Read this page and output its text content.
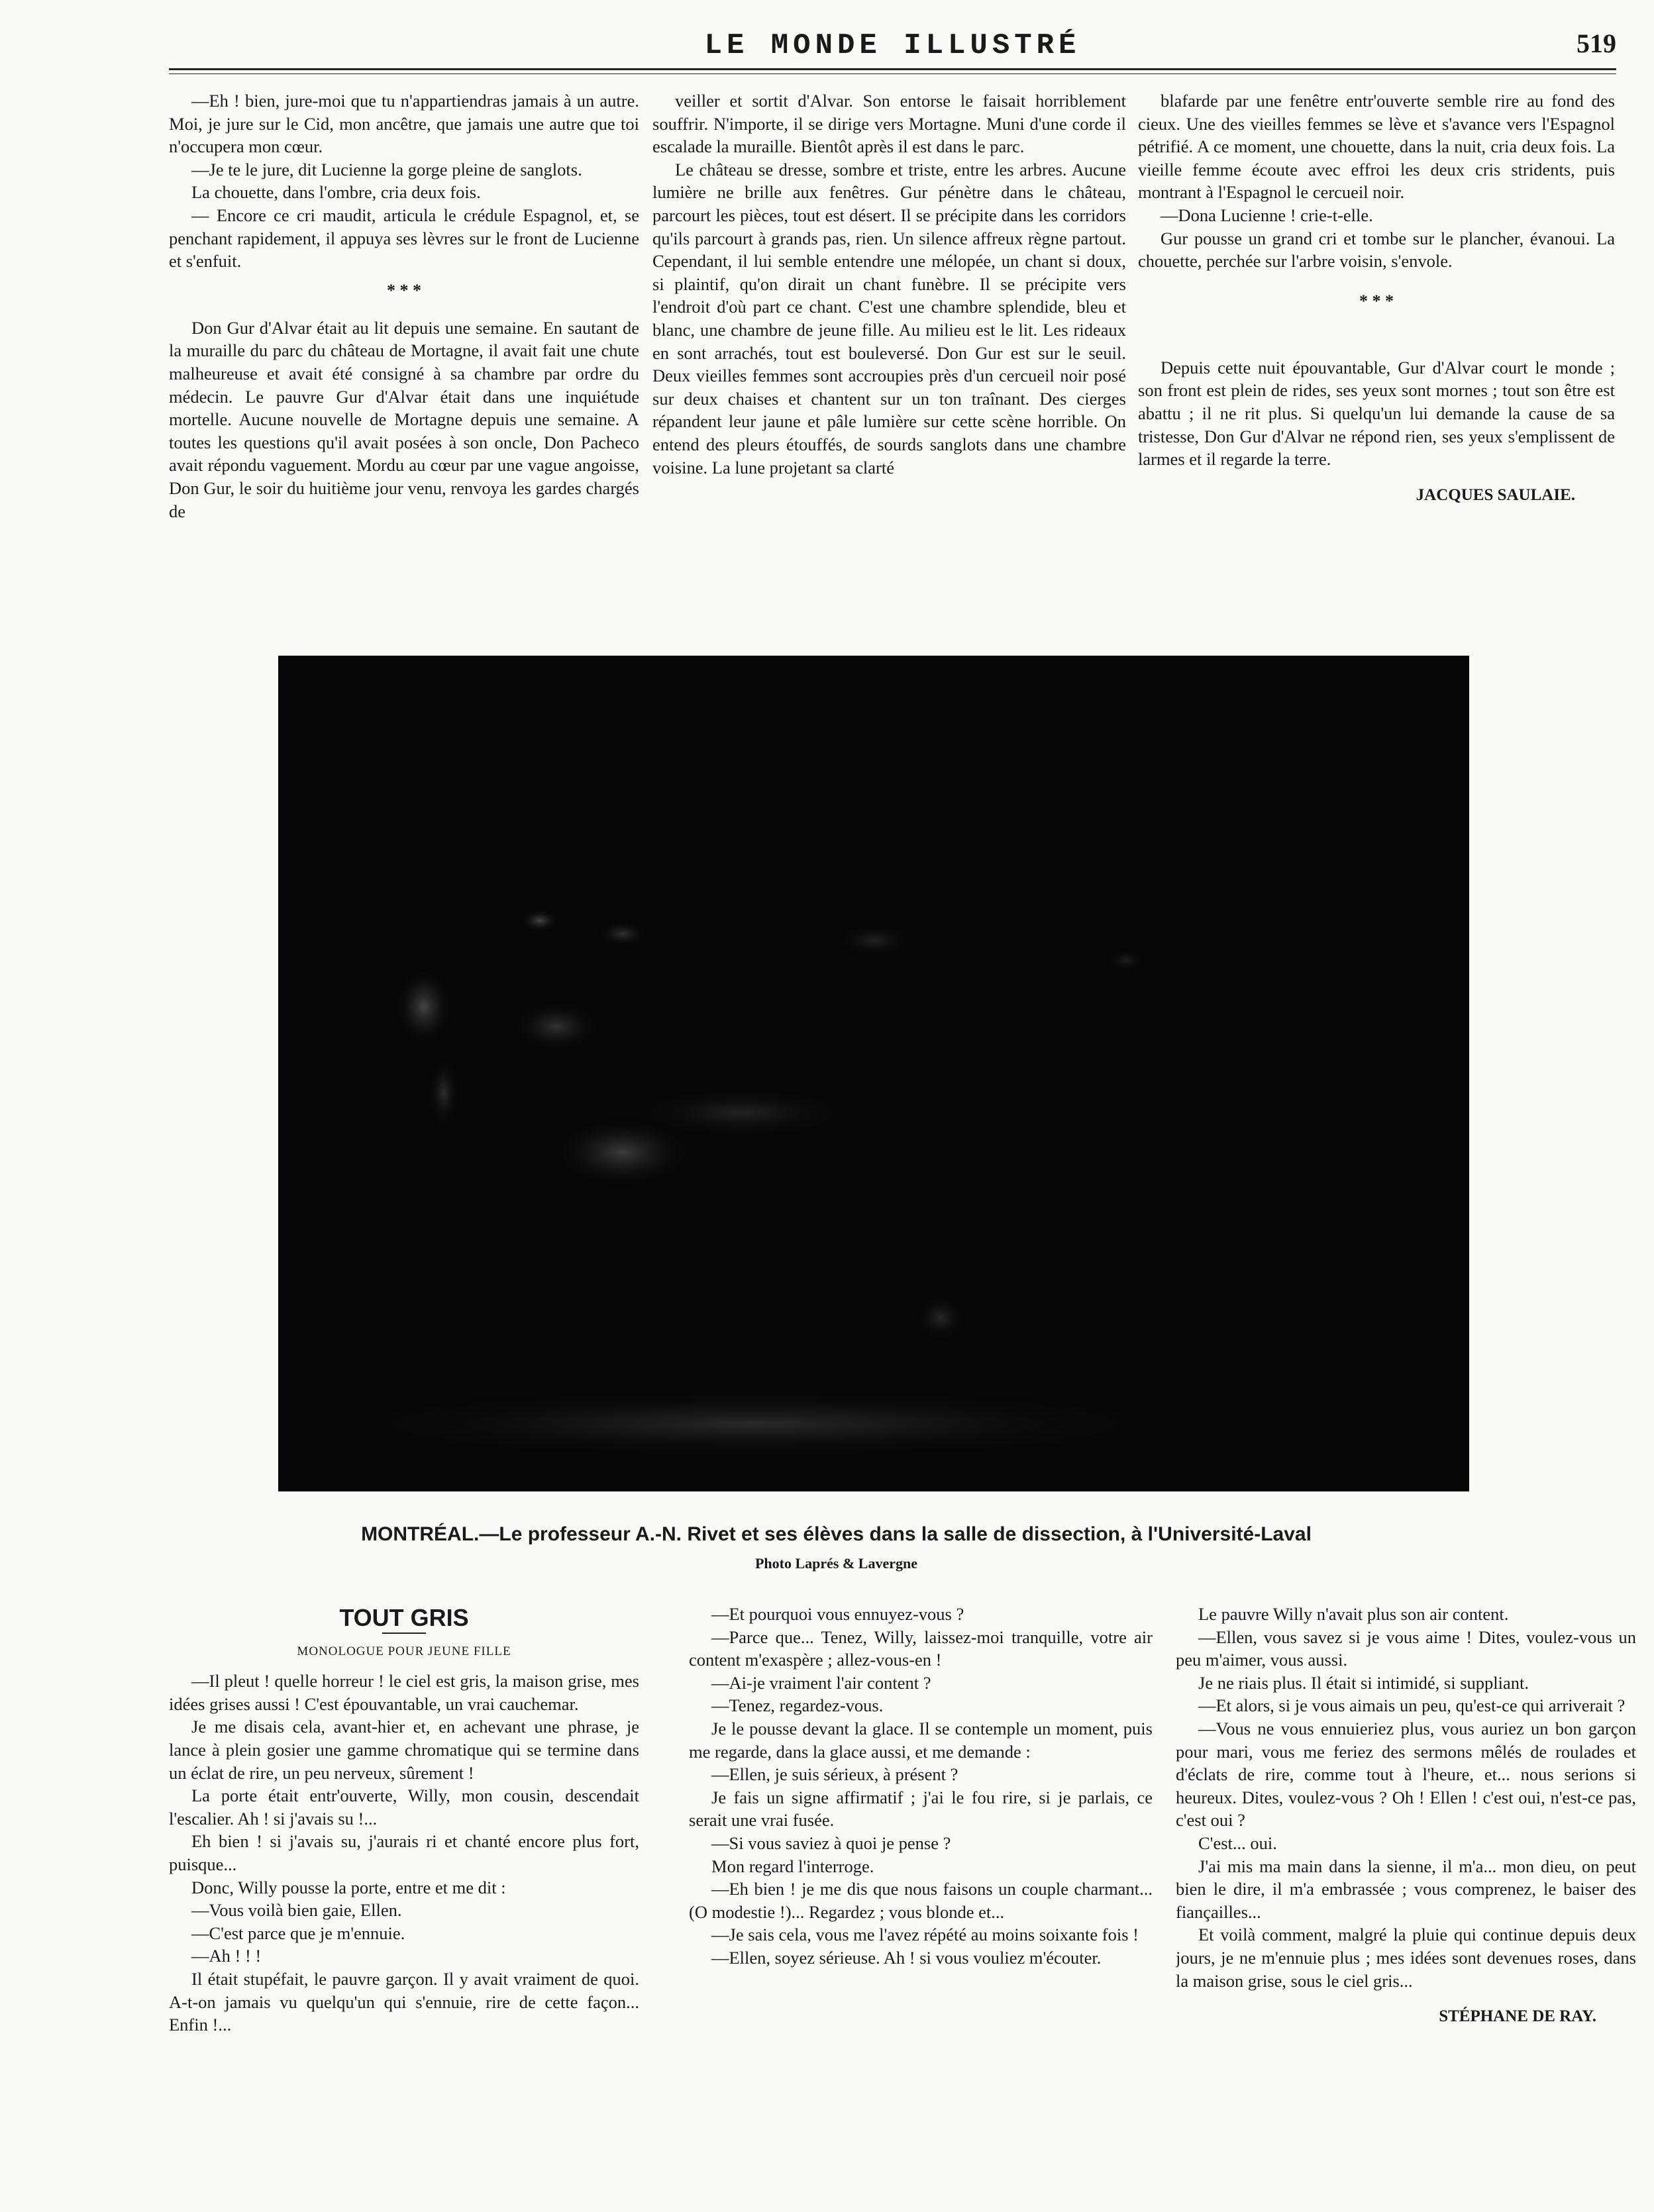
LE MONDE ILLUSTRÉ	519

—Eh ! bien, jure-moi que tu n'appartiendras jamais à un autre. Moi, je jure sur le Cid, mon ancêtre, que jamais une autre que toi n'occupera mon cœur.

—Je te le jure, dit Lucienne la gorge pleine de sanglots.

La chouette, dans l'ombre, cria deux fois.

— Encore ce cri maudit, articula le crédule Espagnol, et, se penchant rapidement, il appuya ses lèvres sur le front de Lucienne et s'enfuit.

* * *

Don Gur d'Alvar était au lit depuis une semaine. En sautant de la muraille du parc du château de Mortagne, il avait fait une chute malheureuse et avait été consigné à sa chambre par ordre du médecin. Le pauvre Gur d'Alvar était dans une inquiétude mortelle. Aucune nouvelle de Mortagne depuis une semaine. A toutes les questions qu'il avait posées à son oncle, Don Pacheco avait répondu vaguement. Mordu au cœur par une vague angoisse, Don Gur, le soir du huitième jour venu, renvoya les gardes chargés de

veiller et sortit d'Alvar. Son entorse le faisait horriblement souffrir. N'importe, il se dirige vers Mortagne. Muni d'une corde il escalade la muraille. Bientôt après il est dans le parc.

Le château se dresse, sombre et triste, entre les arbres. Aucune lumière ne brille aux fenêtres. Gur pénètre dans le château, parcourt les pièces, tout est désert. Il se précipite dans les corridors qu'ils parcourt à grands pas, rien. Un silence affreux règne partout. Cependant, il lui semble entendre une mélopée, un chant si doux, si plaintif, qu'on dirait un chant funèbre. Il se précipite vers l'endroit d'où part ce chant. C'est une chambre splendide, bleu et blanc, une chambre de jeune fille. Au milieu est le lit. Les rideaux en sont arrachés, tout est bouleversé. Don Gur est sur le seuil. Deux vieilles femmes sont accroupies près d'un cercueil noir posé sur deux chaises et chantent sur un ton traînant. Des cierges répandent leur jaune et pâle lumière sur cette scène horrible. On entend des pleurs étouffés, de sourds sanglots dans une chambre voisine. La lune projetant sa clarté

blafarde par une fenêtre entr'ouverte semble rire au fond des cieux. Une des vieilles femmes se lève et s'avance vers l'Espagnol pétrifié. A ce moment, une chouette, dans la nuit, cria deux fois. La vieille femme écoute avec effroi les deux cris stridents, puis montrant à l'Espagnol le cercueil noir.

—Dona Lucienne ! crie-t-elle.

Gur pousse un grand cri et tombe sur le plancher, évanoui. La chouette, perchée sur l'arbre voisin, s'envole.

* * *

Depuis cette nuit épouvantable, Gur d'Alvar court le monde ; son front est plein de rides, ses yeux sont mornes ; tout son être est abattu ; il ne rit plus. Si quelqu'un lui demande la cause de sa tristesse, Don Gur d'Alvar ne répond rien, ses yeux s'emplissent de larmes et il regarde la terre.

JACQUES SAULAIE.
MONTRÉAL.—Le professeur A.-N. Rivet et ses élèves dans la salle de dissection, à l'Université-Laval
Photo Laprés & Lavergne
TOUT GRIS
MONOLOGUE POUR JEUNE FILLE

—Il pleut ! quelle horreur ! le ciel est gris, la maison grise, mes idées grises aussi ! C'est épouvantable, un vrai cauchemar.

Je me disais cela, avant-hier et, en achevant une phrase, je lance à plein gosier une gamme chromatique qui se termine dans un éclat de rire, un peu nerveux, sûrement !

La porte était entr'ouverte, Willy, mon cousin, descendait l'escalier. Ah ! si j'avais su !...

Eh bien ! si j'avais su, j'aurais ri et chanté encore plus fort, puisque...

Donc, Willy pousse la porte, entre et me dit :

—Vous voilà bien gaie, Ellen.

—C'est parce que je m'ennuie.

—Ah ! ! !

Il était stupéfait, le pauvre garçon. Il y avait vraiment de quoi. A-t-on jamais vu quelqu'un qui s'ennuie, rire de cette façon... Enfin !...

—Et pourquoi vous ennuyez-vous ?

—Parce que... Tenez, Willy, laissez-moi tranquille, votre air content m'exaspère ; allez-vous-en !

—Ai-je vraiment l'air content ?

—Tenez, regardez-vous.

Je le pousse devant la glace. Il se contemple un moment, puis me regarde, dans la glace aussi, et me demande :

—Ellen, je suis sérieux, à présent ?

Je fais un signe affirmatif ; j'ai le fou rire, si je parlais, ce serait une vrai fusée.

—Si vous saviez à quoi je pense ?

Mon regard l'interroge.

—Eh bien ! je me dis que nous faisons un couple charmant... (O modestie !)... Regardez ; vous blonde et...

—Je sais cela, vous me l'avez répété au moins soixante fois !

—Ellen, soyez sérieuse. Ah ! si vous vouliez m'écouter.

Le pauvre Willy n'avait plus son air content.

—Ellen, vous savez si je vous aime ! Dites, voulez-vous un peu m'aimer, vous aussi.

Je ne riais plus. Il était si intimidé, si suppliant.

—Et alors, si je vous aimais un peu, qu'est-ce qui arriverait ?

—Vous ne vous ennuieriez plus, vous auriez un bon garçon pour mari, vous me feriez des sermons mêlés de roulades et d'éclats de rire, comme tout à l'heure, et... nous serions si heureux. Dites, voulez-vous ? Oh ! Ellen ! c'est oui, n'est-ce pas, c'est oui ?

C'est... oui.

J'ai mis ma main dans la sienne, il m'a... mon dieu, on peut bien le dire, il m'a embrassée ; vous comprenez, le baiser des fiançailles...

Et voilà comment, malgré la pluie qui continue depuis deux jours, je ne m'ennuie plus ; mes idées sont devenues roses, dans la maison grise, sous le ciel gris...

STÉPHANE DE RAY.
